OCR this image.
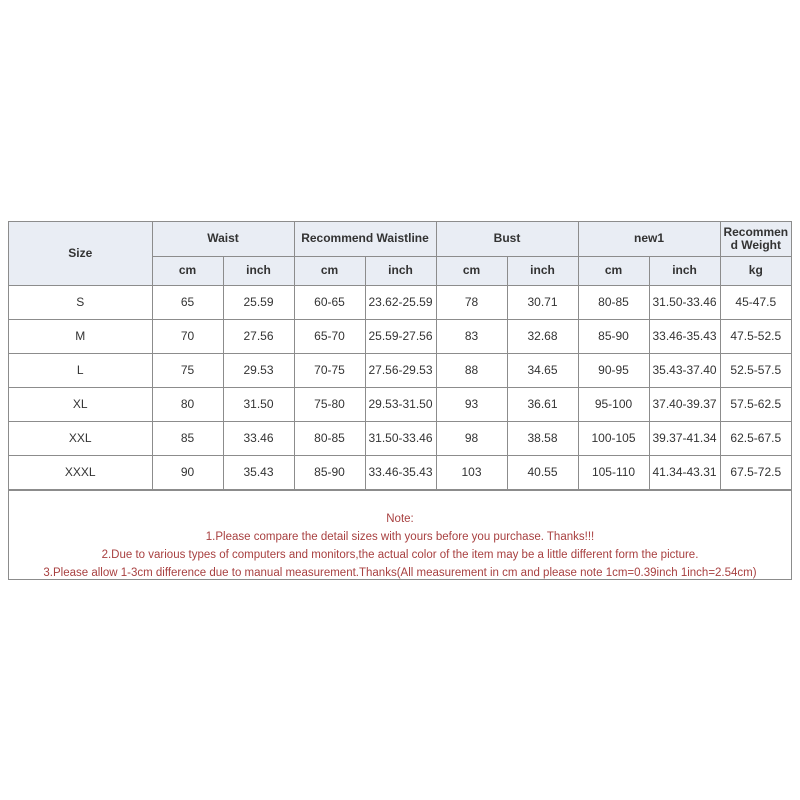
Size	Waist		Recommend Waistline		Bust		new1		Recommend Weight
	cm	inch	cm	inch	cm	inch	cm	inch	kg
S	65	25.59	60-65	23.62-25.59	78	30.71	80-85	31.50-33.46	45-47.5
M	70	27.56	65-70	25.59-27.56	83	32.68	85-90	33.46-35.43	47.5-52.5
L	75	29.53	70-75	27.56-29.53	88	34.65	90-95	35.43-37.40	52.5-57.5
XL	80	31.50	75-80	29.53-31.50	93	36.61	95-100	37.40-39.37	57.5-62.5
XXL	85	33.46	80-85	31.50-33.46	98	38.58	100-105	39.37-41.34	62.5-67.5
XXXL	90	35.43	85-90	33.46-35.43	103	40.55	105-110	41.34-43.31	67.5-72.5
Note:
1.Please compare the detail sizes with yours before you purchase. Thanks!!!
2.Due to various types of computers and monitors,the actual color of the item may be a little different form the picture.
3.Please allow 1-3cm difference due to manual measurement.Thanks(All measurement in cm and please note 1cm=0.39inch 1inch=2.54cm)
